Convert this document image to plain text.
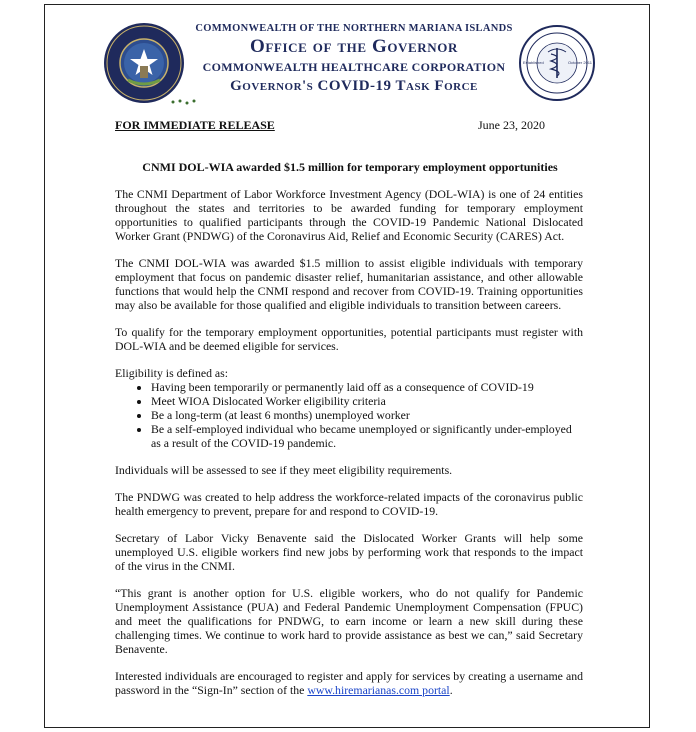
COMMONWEALTH OF THE NORTHERN MARIANA ISLANDS
Office of the Governor
COMMONWEALTH HEALTHCARE CORPORATION
Governor's COVID-19 Task Force
Established	October 2011
FOR IMMEDIATE RELEASE	June 23, 2020
CNMI DOL-WIA awarded $1.5 million for temporary employment opportunities

The CNMI Department of Labor Workforce Investment Agency (DOL-WIA) is one of 24 entities throughout the states and territories to be awarded funding for temporary employment opportunities to qualified participants through the COVID-19 Pandemic National Dislocated Worker Grant (PNDWG) of the Coronavirus Aid, Relief and Economic Security (CARES) Act.

The CNMI DOL-WIA was awarded $1.5 million to assist eligible individuals with temporary employment that focus on pandemic disaster relief, humanitarian assistance, and other allowable functions that would help the CNMI respond and recover from COVID-19. Training opportunities may also be available for those qualified and eligible individuals to transition between careers.

To qualify for the temporary employment opportunities, potential participants must register with DOL-WIA and be deemed eligible for services.

Eligibility is defined as:

• Having been temporarily or permanently laid off as a consequence of COVID-19
• Meet WIOA Dislocated Worker eligibility criteria
• Be a long-term (at least 6 months) unemployed worker
• Be a self-employed individual who became unemployed or significantly under-employed as a result of the COVID-19 pandemic.

Individuals will be assessed to see if they meet eligibility requirements.

The PNDWG was created to help address the workforce-related impacts of the coronavirus public health emergency to prevent, prepare for and respond to COVID-19.

Secretary of Labor Vicky Benavente said the Dislocated Worker Grants will help some unemployed U.S. eligible workers find new jobs by performing work that responds to the impact of the virus in the CNMI.

“This grant is another option for U.S. eligible workers, who do not qualify for Pandemic Unemployment Assistance (PUA) and Federal Pandemic Unemployment Compensation (FPUC) and meet the qualifications for PNDWG, to earn income or learn a new skill during these challenging times. We continue to work hard to provide assistance as best we can,” said Secretary Benavente.

Interested individuals are encouraged to register and apply for services by creating a username and password in the “Sign-In” section of the www.hiremarianas.com portal.
